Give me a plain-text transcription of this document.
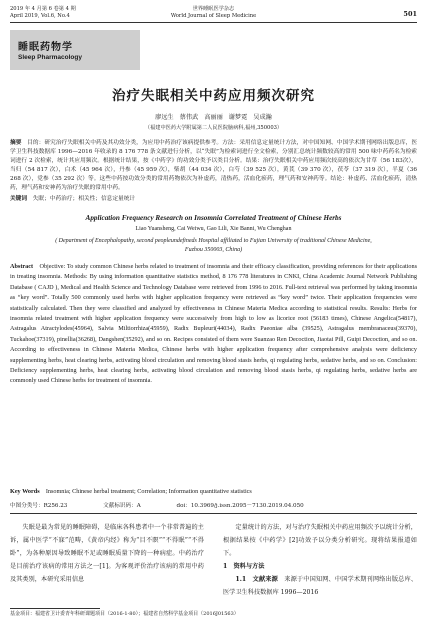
2019 年 4 月第 6 卷第 4 期
April 2019, Vol.6, No.4
世界睡眠医学杂志
World Journal of Sleep Medicine	501
睡眠药物学
Sleep Pharmacology
治疗失眠相关中药应用频次研究
廖远生 蔡伟武 高丽丽 谢梦霓 吴成瀚
（福建中医药大学附属第二人民医院脑病科,福州,350003）
摘要　 目的：研究治疗失眠相关中药及其功效分类，为应用中药治疗该病提供参考。方法：采用信息定量统计方法，对中国知网、中国学术期刊网络出版总库，医学卫生科技数据库 1996—2016 年收录的 8 176 778 条文献进行分析，以“失眠”为检索词进行全文检索，分别汇总统计频数较高的常用 500 味中药药名为检索词进行 2 次检索，统计其应用频次。根据统计结果，按《中药学》的功效分类予以类目分析。结果：治疗失眠相关中药应用频次较高的依次为甘草（56 183次），当归（54 817 次），白术（45 964 次），丹参（45 959 次），柴胡（44 034 次），白芍（39 525 次），黄芪（39 370 次），茯苓（37 319 次），半夏（36 268 次），党参（35 292 次）等。这些中药按功效分类的常用药物依次为补虚药，清热药，活血化瘀药，理气药和安神药等。结论：补虚药、活血化瘀药，清热药，理气药和安神药为治疗失眠的常用中药。
关键词　 失眠；中药治疗；相关性；信息定量统计
Application Frequency Research on Insomnia Correlated Treatment of Chinese Herbs
Liao Yuansheng, Cai Weiwu, Gao Lili, Xie Banni, Wu Chenghan
( Department of Encephalopathy, second peopleundefineds Hospital affiliated to Fujian University of traditional Chinese Medicine, Fuzhou 350003, China)
Abstract　 Objective: To study common Chinese herbs related to treatment of insomnia and their efficacy classification, providing references for their applications in treating insomnia. Methods: By using information quantitative statistics method, 8 176 778 literatures in CNKI, China Academic Journal Network Publishing Database ( CAJD ), Medical and Health Science and Technology Database were retrieved from 1996 to 2016. Full-text retrieval was performed by taking insomnia as “key word”. Totally 500 commonly used herbs with higher application frequency were retrieved as “key word” twice. Their application frequencies were statistically calculated. Then they were classified and analyzed by effectiveness in Chinese Materia Medica according to statistical results. Results: Herbs for insomnia related treatment with higher application frequency were successively from high to low as licorice root (56183 times), Chinese Angelica(54817), Astragalus Atractylodes(45964), Salvia Miltiorrhiza(45959), Radix Bupleuri(44034), Radix Paeoniae alba (39525), Astragalus membranaceus(39370), Tuckahoe(37319), pinellia(36268), Dangshen(35292), and so on. Recipes consisted of them were Suanzao Ren Decoction, Jiaotai Pill, Guipi Decoction, and so on. According to effectiveness in Chinese Materia Medica, Chinese herbs with higher application frequency after comprehensive analysis were deficiency supplementing herbs, heat clearing herbs, activating blood circulation and removing blood stasis herbs, qi regulating herbs, sedative herbs, and so on. Conclusion: Deficiency supplementing herbs, heat clearing herbs, activating blood circulation and removing blood stasis herbs, qi regulating herbs, sedative herbs are commonly used Chinese herbs for treatment of insomnia.
Key Words　 Insomnia; Chinese herbal treatment; Correlation; Information quantitative statistics
中图分类号：R256.23	文献标识码：A	doi：10.3969/j.issn.2095－7130.2019.04.050

失眠是最为常见的睡眠障碍，是临床各科患者中一个非常普遍的主诉，属中医学“不寐”范畴，《黄帝内经》称为“目不瞑”“不得眠”“不得卧”，为各种原因导致睡眠不足或睡眠质量下降的一种病症。中药治疗是目前治疗该病的常用方法之一[1]。为客观评价治疗该病的常用中药及其类别，本研究采用信息

定量统计的方法，对与治疗失眠相关中药应用频次予以统计分析，根据结果按《中药学》[2]功效予以分类分析研究。现将结果报道如下。

1　资料与方法

1.1　文献来源　 来源于中国知网、中国学术期刊网络出版总库、医学卫生科技数据库 1996—2016

基金项目：福建省卫计委青年科研课题项目（2016-1-80）；福建省自然科学基金项目（2016J01563）
